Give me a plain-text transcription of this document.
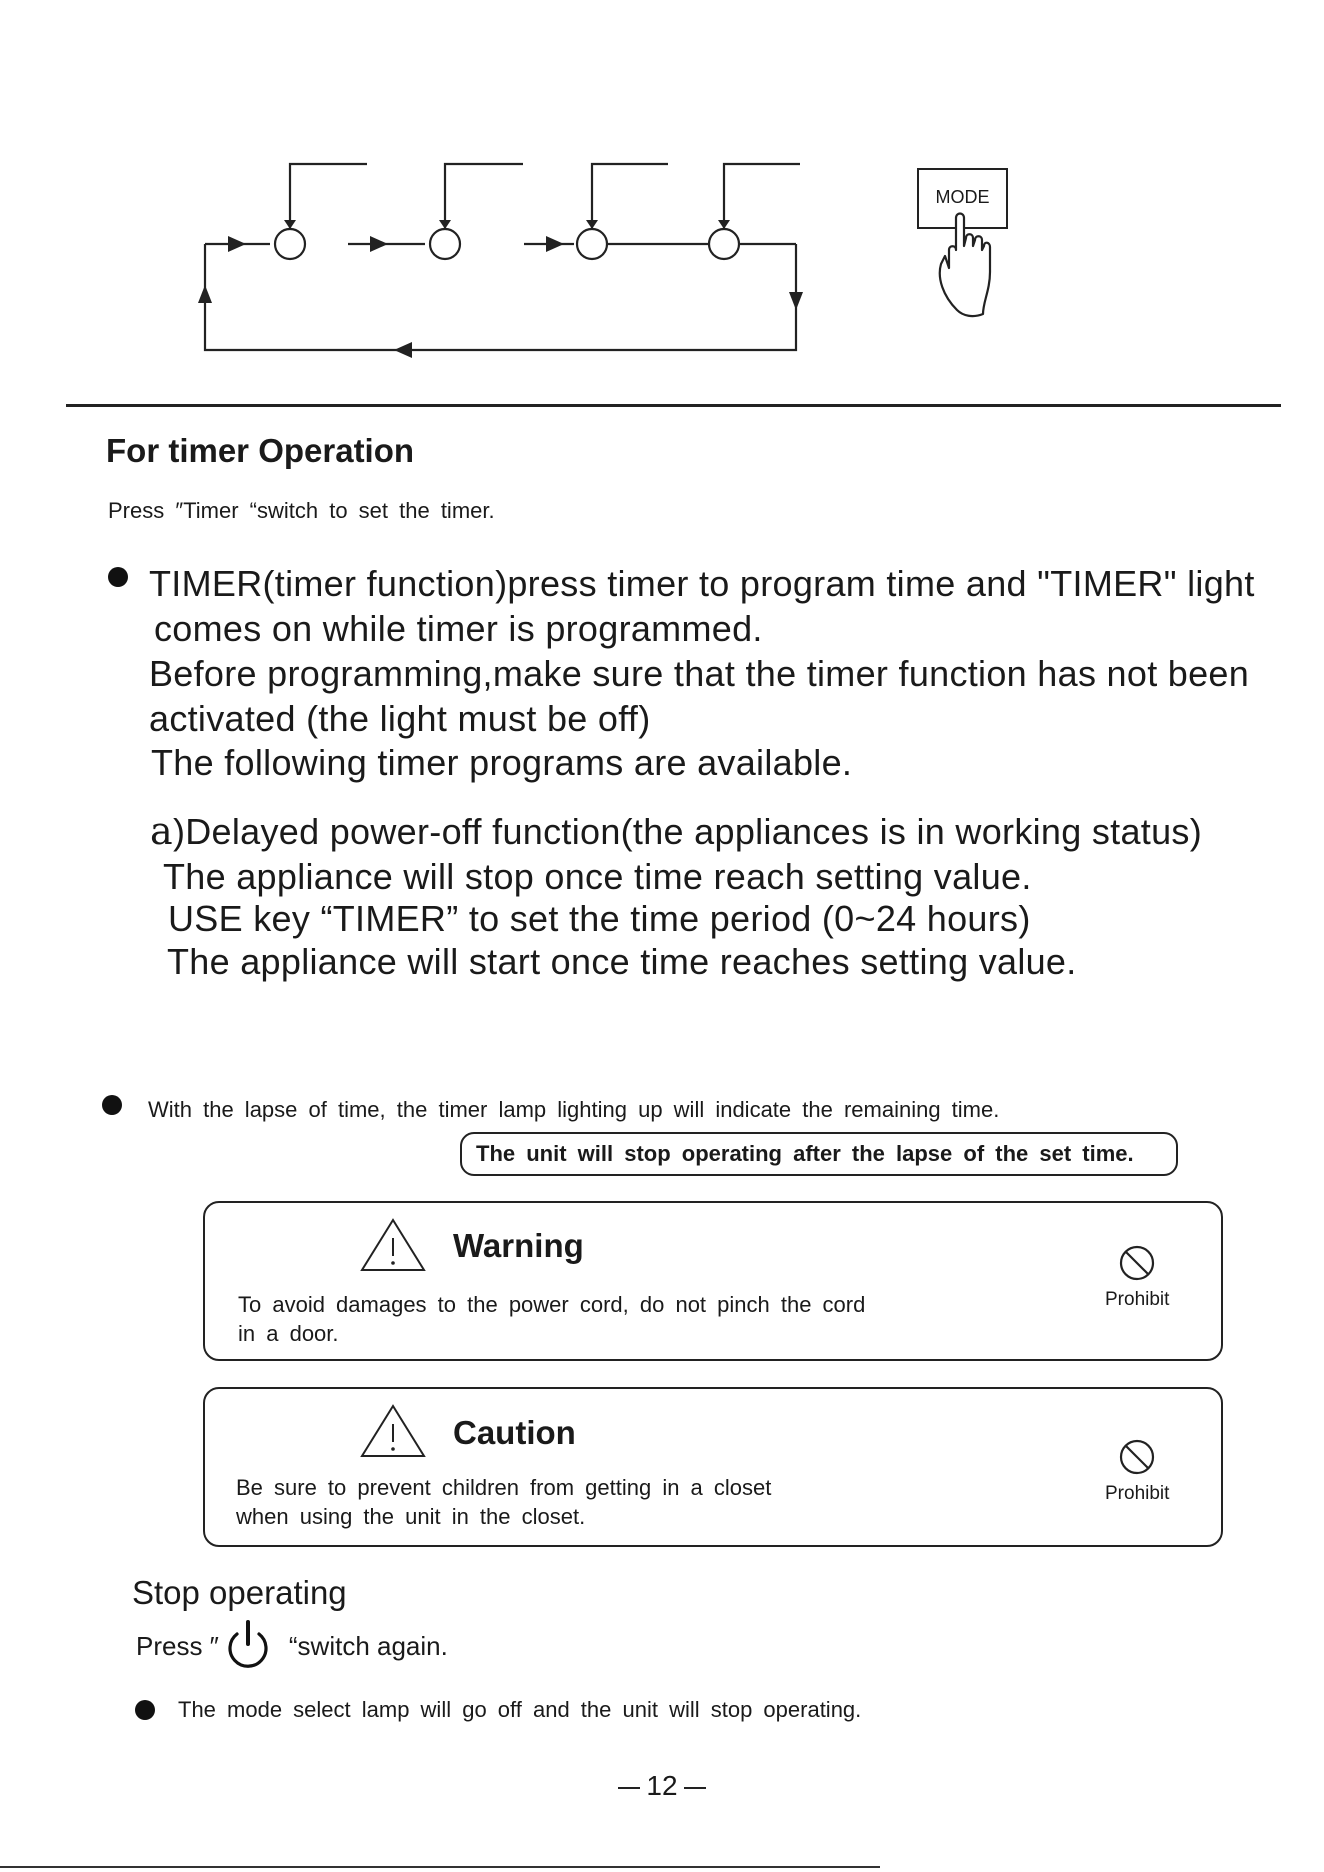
MODE
For timer Operation
Press ″Timer “switch to set the timer.
TIMER(timer function)press timer to program time and "TIMER" light
comes on while timer is programmed.
Before programming,make sure that the timer function has not been
activated (the light must be off)
The following timer programs are available.
a)Delayed power-off function(the appliances is in working status)
The appliance will stop once time reach setting value.
USE key “TIMER” to set the time period (0~24 hours)
The appliance will start once time reaches setting value.
With the lapse of time, the timer lamp lighting up will indicate the remaining time.
The unit will stop operating after the lapse of the set time.
Warning
To avoid damages to the power cord, do not pinch the cord in a door.
Prohibit
Caution
Be sure to prevent children from getting in a closet
when using the unit in the closet.
Prohibit
Stop operating
Press ″	“switch again.
The mode select lamp will go off and the unit will stop operating.
12
